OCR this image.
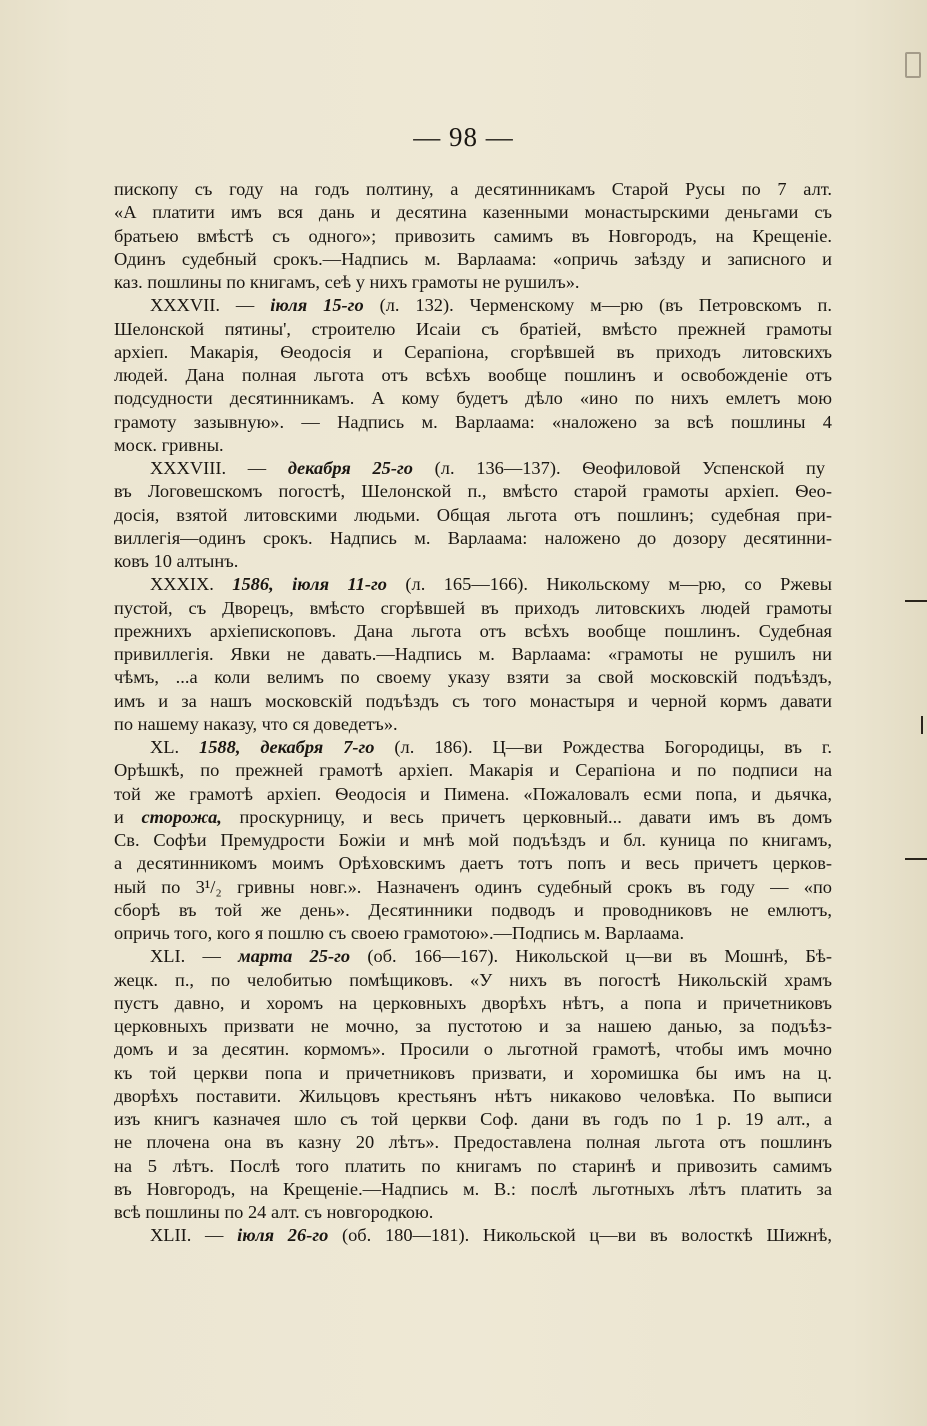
— 98 —
пископу съ году на годъ полтину, а десятинникамъ Старой Русы по 7 алт.
«А платити имъ вся дань и десятина казенными монастырскими деньгами съ
братьею вмѣстѣ съ одного»; привозить самимъ въ Новгородъ, на Крещеніе.
Одинъ судебный срокъ.—Надпись м. Варлаама: «опричь заѣзду и записного и
каз. пошлины по книгамъ, сеѣ у нихъ грамоты не рушилъ».
XXXVII. — іюля 15-го (л. 132). Черменскому м—рю (въ Петровскомъ п.
Шелонской пятины', строителю Исаіи съ братіей, вмѣсто прежней грамоты
архіеп. Макарія, Ѳеодосія и Серапіона, сгорѣвшей въ приходъ литовскихъ
людей. Дана полная льгота отъ всѣхъ вообще пошлинъ и освобожденіе отъ
подсудности десятинникамъ. А кому будетъ дѣло «ино по нихъ емлетъ мою
грамоту зазывную». — Надпись м. Варлаама: «наложено за всѣ пошлины 4
моск. гривны.
XXXVIII. — декабря 25-го (л. 136—137). Ѳеофиловой Успенской пу
въ Логовешскомъ погостѣ, Шелонской п., вмѣсто старой грамоты архіеп. Ѳео-
досія, взятой литовскими людьми. Общая льгота отъ пошлинъ; судебная при-
виллегія—одинъ срокъ. Надпись м. Варлаама: наложено до дозору десятинни-
ковъ 10 алтынъ.
XXXIX. 1586, іюля 11-го (л. 165—166). Никольскому м—рю, со Ржевы
пустой, съ Дворецъ, вмѣсто сгорѣвшей въ приходъ литовскихъ людей грамоты
прежнихъ архіепископовъ. Дана льгота отъ всѣхъ вообще пошлинъ. Судебная
привиллегія. Явки не давать.—Надпись м. Варлаама: «грамоты не рушилъ ни
чѣмъ, ...а коли велимъ по своему указу взяти за свой московскій подъѣздъ,
имъ и за нашъ московскій подъѣздъ съ того монастыря и черной кормъ давати
по нашему наказу, что ся доведетъ».
XL. 1588, декабря 7-го (л. 186). Ц—ви Рождества Богородицы, въ г.
Орѣшкѣ, по прежней грамотѣ архіеп. Макарія и Серапіона и по подписи на
той же грамотѣ архіеп. Ѳеодосія и Пимена. «Пожаловалъ есми попа, и дьячка,
и сторожа, проскурницу, и весь причетъ церковный... давати имъ въ домъ
Св. Софѣи Премудрости Божіи и мнѣ мой подъѣздъ и бл. куница по книгамъ,
а десятинникомъ моимъ Орѣховскимъ даетъ тотъ попъ и весь причетъ церков-
ный по 3¹/₂ гривны новг.». Назначенъ одинъ судебный срокъ въ году — «по
сборѣ въ той же день». Десятинники подводъ и проводниковъ не емлютъ,
опричь того, кого я пошлю съ своею грамотою».—Подпись м. Варлаама.
XLI. — марта 25-го (об. 166—167). Никольской ц—ви въ Мошнѣ, Бѣ-
жецк. п., по челобитью помѣщиковъ. «У нихъ въ погостѣ Никольскій храмъ
пустъ давно, и хоромъ на церковныхъ дворѣхъ нѣтъ, а попа и причетниковъ
церковныхъ призвати не мочно, за пустотою и за нашею данью, за подъѣз-
домъ и за десятин. кормомъ». Просили о льготной грамотѣ, чтобы имъ мочно
къ той церкви попа и причетниковъ призвати, и хоромишка бы имъ на ц.
дворѣхъ поставити. Жильцовъ крестьянъ нѣтъ никаково человѣка. По выписи
изъ книгъ казначея шло съ той церкви Соф. дани въ годъ по 1 р. 19 алт., а
не плочена она въ казну 20 лѣтъ». Предоставлена полная льгота отъ пошлинъ
на 5 лѣтъ. Послѣ того платить по книгамъ по старинѣ и привозить самимъ
въ Новгородъ, на Крещеніе.—Надпись м. В.: послѣ льготныхъ лѣтъ платить за
всѣ пошлины по 24 алт. съ новгородкою.
XLII. — іюля 26-го (об. 180—181). Никольской ц—ви въ волосткѣ Шижнѣ,
